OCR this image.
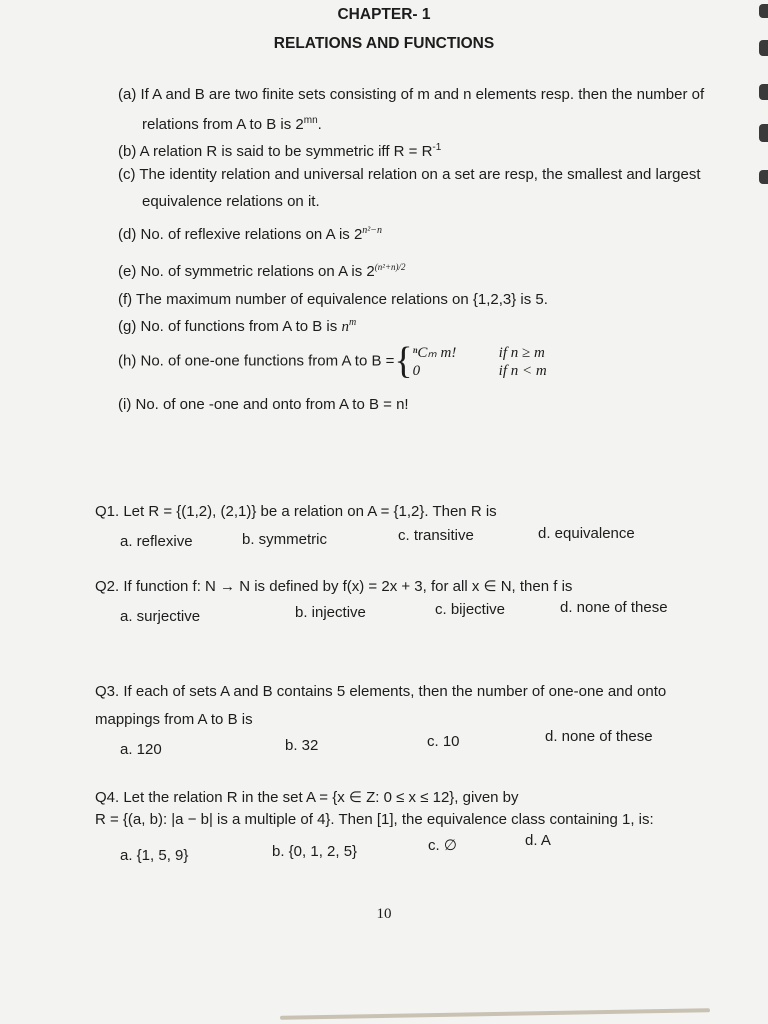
CHAPTER- 1
RELATIONS AND FUNCTIONS
(a) If A and B are two finite sets consisting of m and n elements resp. then the number of
relations from A to B is $2^{mn}$.
(b) A relation R is said to be symmetric iff $R = R^{-1}$
(c) The identity relation and universal relation on a set are resp, the smallest and largest
equivalence relations on it.
(d) No. of reflexive relations on A is $2^{n^2-n}$
(e) No. of symmetric relations on A is $2^{(n^2+n)/2}$
(f) The maximum number of equivalence relations on {1,2,3} is 5.
(g) No. of functions from A to B is $n^m$
(h) No. of one-one functions from A to B ={ ⁿCₘ m!	if n ≥ m
0	if n < m
(i) No. of one -one and onto from A to B = n!
Q1. Let R = {(1,2), (2,1)} be a relation on A = {1,2}. Then R is
a. reflexive	b. symmetric	c. transitive	d. equivalence
Q2. If function f: N → N is defined by f(x) = 2x + 3, for all x ∈ N, then f is
a. surjective	b. injective	c. bijective	d. none of these
Q3. If each of sets A and B contains 5 elements, then the number of one-one and onto
mappings from A to B is
a. 120	b. 32	c. 10	d. none of these
Q4. Let the relation R in the set A = {x ∈ Z: 0 ≤ x ≤ 12}, given by
R = {(a, b): |a − b| is a multiple of 4}. Then [1], the equivalence class containing 1, is:
a. {1, 5, 9}	b. {0, 1, 2, 5}	c. ∅	d. A
10
